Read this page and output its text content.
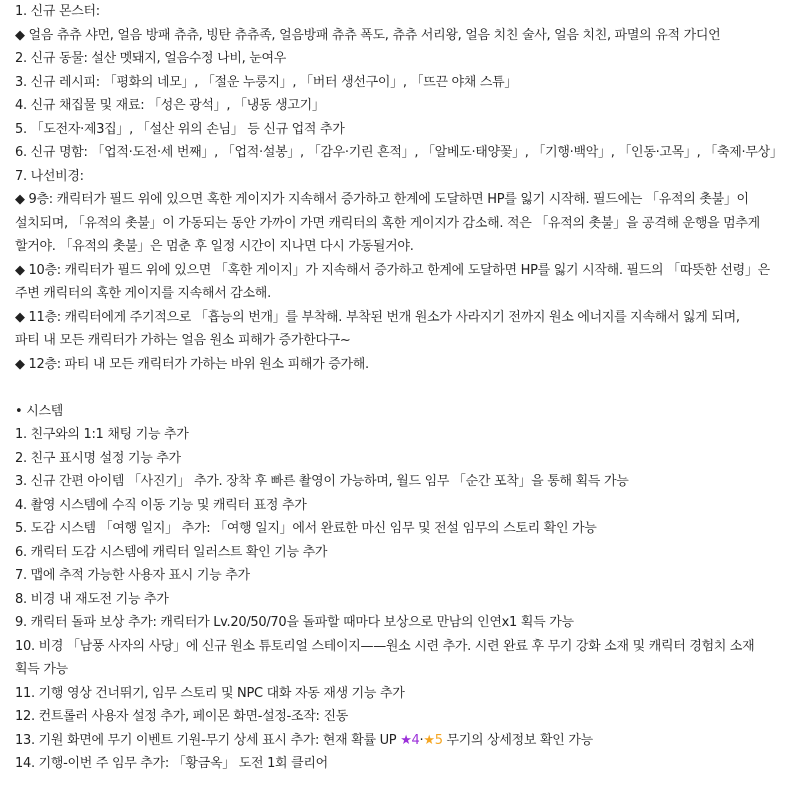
1. 신규 몬스터:
◆ 얼음 츄츄 샤먼, 얼음 방패 츄츄, 빙탄 츄츄족, 얼음방패 츄츄 폭도, 츄츄 서리왕, 얼음 치친 술사, 얼음 치친, 파멸의 유적 가디언
2. 신규 동물: 설산 멧돼지, 얼음수정 나비, 눈여우
3. 신규 레시피: 「평화의 네모」, 「절운 누룽지」, 「버터 생선구이」, 「뜨끈 야채 스튜」
4. 신규 채집물 및 재료: 「성은 광석」, 「냉동 생고기」
5. 「도전자·제3집」, 「설산 위의 손님」 등 신규 업적 추가
6. 신규 명함: 「업적·도전·세 번째」, 「업적·설봉」, 「감우·기린 흔적」, 「알베도·태양꽃」, 「기행·백악」, 「인동·고목」, 「축제·무상」
7. 나선비경:
◆ 9층: 캐릭터가 필드 위에 있으면 혹한 게이지가 지속해서 증가하고 한계에 도달하면 HP를 잃기 시작해. 필드에는 「유적의 촛불」이
설치되며, 「유적의 촛불」이 가동되는 동안 가까이 가면 캐릭터의 혹한 게이지가 감소해. 적은 「유적의 촛불」을 공격해 운행을 멈추게
할거야. 「유적의 촛불」은 멈춘 후 일정 시간이 지나면 다시 가동될거야.
◆ 10층: 캐릭터가 필드 위에 있으면 「혹한 게이지」가 지속해서 증가하고 한계에 도달하면 HP를 잃기 시작해. 필드의 「따뜻한 선령」은
주변 캐릭터의 혹한 게이지를 지속해서 감소해.
◆ 11층: 캐릭터에게 주기적으로 「흡능의 번개」를 부착해. 부착된 번개 원소가 사라지기 전까지 원소 에너지를 지속해서 잃게 되며,
파티 내 모든 캐릭터가 가하는 얼음 원소 피해가 증가한다구~
◆ 12층: 파티 내 모든 캐릭터가 가하는 바위 원소 피해가 증가해.
• 시스템
1. 친구와의 1:1 채팅 기능 추가
2. 친구 표시명 설정 기능 추가
3. 신규 간편 아이템 「사진기」 추가. 장착 후 빠른 촬영이 가능하며, 월드 임무 「순간 포착」을 통해 획득 가능
4. 촬영 시스템에 수직 이동 기능 및 캐릭터 표정 추가
5. 도감 시스템 「여행 일지」 추가: 「여행 일지」에서 완료한 마신 임무 및 전설 임무의 스토리 확인 가능
6. 캐릭터 도감 시스템에 캐릭터 일러스트 확인 기능 추가
7. 맵에 추적 가능한 사용자 표시 기능 추가
8. 비경 내 재도전 기능 추가
9. 캐릭터 돌파 보상 추가: 캐릭터가 Lv.20/50/70을 돌파할 때마다 보상으로 만남의 인연x1 획득 가능
10. 비경 「남풍 사자의 사당」에 신규 원소 튜토리얼 스테이지——원소 시련 추가. 시련 완료 후 무기 강화 소재 및 캐릭터 경험치 소재
획득 가능
11. 기행 영상 건너뛰기, 임무 스토리 및 NPC 대화 자동 재생 기능 추가
12. 컨트롤러 사용자 설정 추가, 페이몬 화면-설정-조작: 진동
13. 기원 화면에 무기 이벤트 기원-무기 상세 표시 추가: 현재 확률 UP ★4·★5 무기의 상세정보 확인 가능
14. 기행-이번 주 임무 추가: 「황금옥」 도전 1회 클리어
